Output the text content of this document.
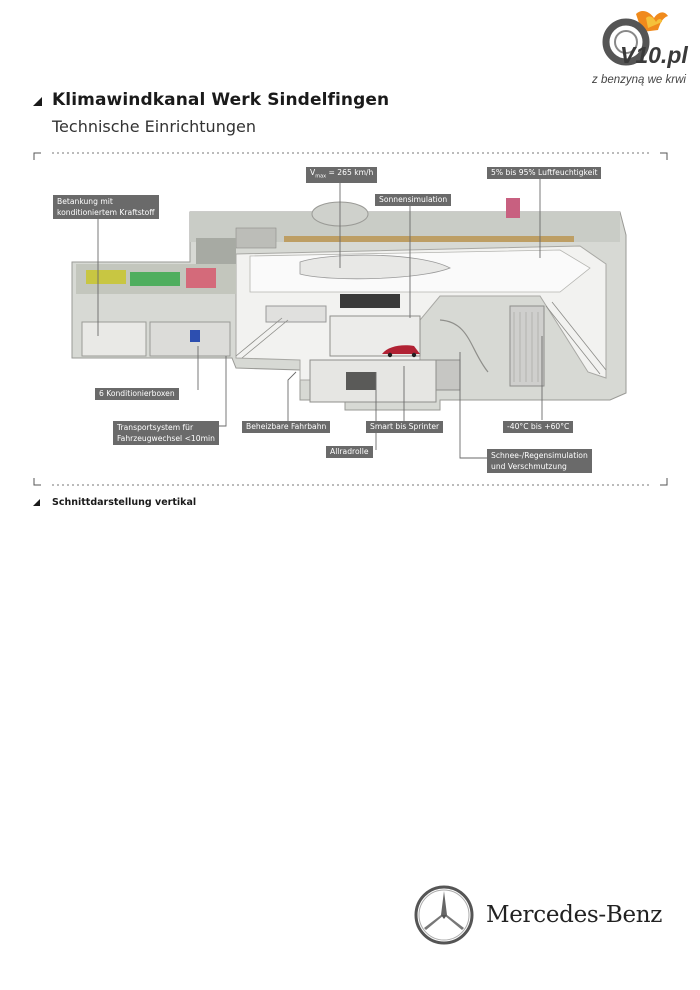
V10.pl
z benzyną we krwi
Klimawindkanal Werk Sindelfingen
Technische Einrichtungen
Betankung mit
konditioniertem Kraftstoff
$V_{max} = 265$ km/h
Sonnensimulation
5% bis 95% Luftfeuchtigkeit
6 Konditionierboxen
Transportsystem für
Fahrzeugwechsel <10min
Beheizbare Fahrbahn	Smart bis Sprinter	-40°C bis +60°C
Allradrolle	Schnee-/Regensimulation
und Verschmutzung
Schnittdarstellung vertikal
Mercedes-Benz
